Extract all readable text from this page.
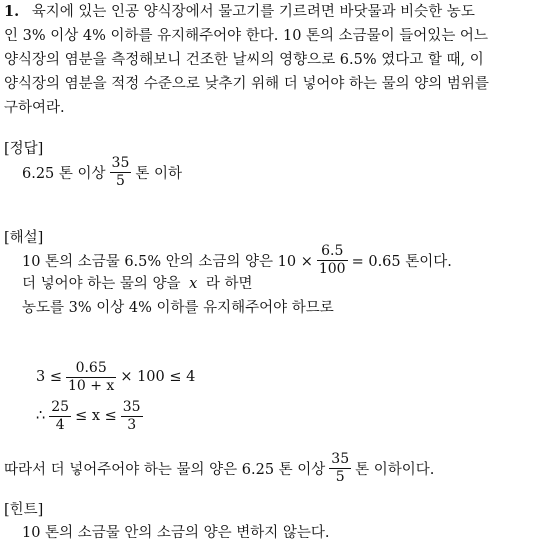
1. 육지에 있는 인공 양식장에서 물고기를 기르려면 바닷물과 비슷한 농도
인 3% 이상 4% 이하를 유지해주어야 한다. 10 톤의 소금물이 들어있는 어느
양식장의 염분을 측정해보니 건조한 날씨의 영향으로 6.5% 였다고 할 때, 이
양식장의 염분을 적정 수준으로 낮추기 위해 더 넣어야 하는 물의 양의 범위를
구하여라.
[정답]
6.25 톤 이상 $\frac{35}{5}$ 톤 이하
[해설]
10 톤의 소금물 6.5% 안의 소금의 양은 $10 \times \frac{6.5}{100} = 0.65$ 톤이다.
더 넣어야 하는 물의 양을 x 라 하면
농도를 3% 이상 4% 이하를 유지해주어야 하므로
$3 \le \frac{0.65}{10 + x} \times 100 \le 4$
∴ $\frac{25}{4} \le x \le \frac{35}{3}$
따라서 더 넣어주어야 하는 물의 양은 6.25 톤 이상 $\frac{35}{5}$ 톤 이하이다.
[힌트]
10 톤의 소금물 안의 소금의 양은 변하지 않는다.
